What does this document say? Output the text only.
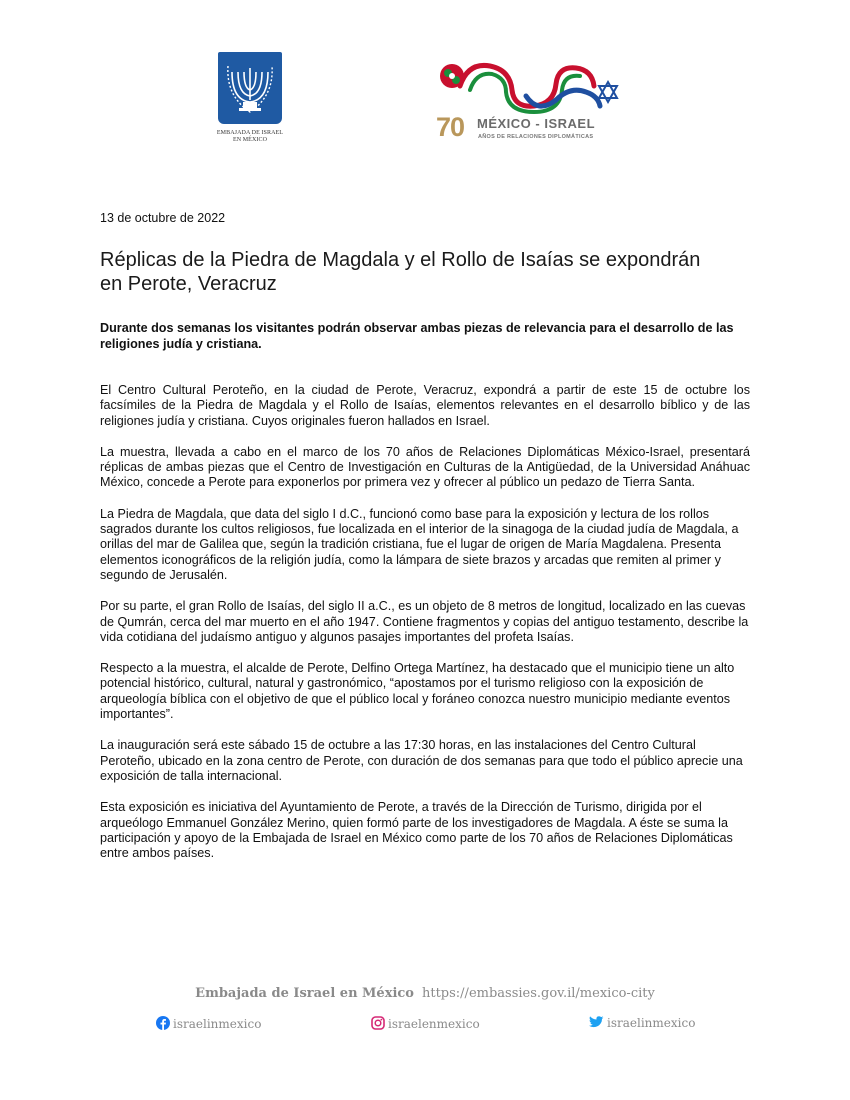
EMBAJADA DE ISRAEL
EN MÉXICO	70 MÉXICO - ISRAEL
AÑOS DE RELACIONES DIPLOMÁTICAS
13 de octubre de 2022
Réplicas de la Piedra de Magdala y el Rollo de Isaías se expondrán en Perote, Veracruz
Durante dos semanas los visitantes podrán observar ambas piezas de relevancia para el desarrollo de las religiones judía y cristiana.

El Centro Cultural Peroteño, en la ciudad de Perote, Veracruz, expondrá a partir de este 15 de octubre los facsímiles de la Piedra de Magdala y el Rollo de Isaías, elementos relevantes en el desarrollo bíblico y de las religiones judía y cristiana. Cuyos originales fueron hallados en Israel.

La muestra, llevada a cabo en el marco de los 70 años de Relaciones Diplomáticas México-Israel, presentará réplicas de ambas piezas que el Centro de Investigación en Culturas de la Antigüedad, de la Universidad Anáhuac México, concede a Perote para exponerlos por primera vez y ofrecer al público un pedazo de Tierra Santa.

La Piedra de Magdala, que data del siglo I d.C., funcionó como base para la exposición y lectura de los rollos sagrados durante los cultos religiosos, fue localizada en el interior de la sinagoga de la ciudad judía de Magdala, a orillas del mar de Galilea que, según la tradición cristiana, fue el lugar de origen de María Magdalena. Presenta elementos iconográficos de la religión judía, como la lámpara de siete brazos y arcadas que remiten al primer y segundo de Jerusalén.

Por su parte, el gran Rollo de Isaías, del siglo II a.C., es un objeto de 8 metros de longitud, localizado en las cuevas de Qumrán, cerca del mar muerto en el año 1947. Contiene fragmentos y copias del antiguo testamento, describe la vida cotidiana del judaísmo antiguo y algunos pasajes importantes del profeta Isaías.

Respecto a la muestra, el alcalde de Perote, Delfino Ortega Martínez, ha destacado que el municipio tiene un alto potencial histórico, cultural, natural y gastronómico, “apostamos por el turismo religioso con la exposición de arqueología bíblica con el objetivo de que el público local y foráneo conozca nuestro municipio mediante eventos importantes”.

La inauguración será este sábado 15 de octubre a las 17:30 horas, en las instalaciones del Centro Cultural Peroteño, ubicado en la zona centro de Perote, con duración de dos semanas para que todo el público aprecie una exposición de talla internacional.

Esta exposición es iniciativa del Ayuntamiento de Perote, a través de la Dirección de Turismo, dirigida por el arqueólogo Emmanuel González Merino, quien formó parte de los investigadores de Magdala. A éste se suma la participación y apoyo de la Embajada de Israel en México como parte de los 70 años de Relaciones Diplomáticas entre ambos países.

Embajada de Israel en México https://embassies.gov.il/mexico-city
israelinmexico	israelenmexico	israelinmexico
